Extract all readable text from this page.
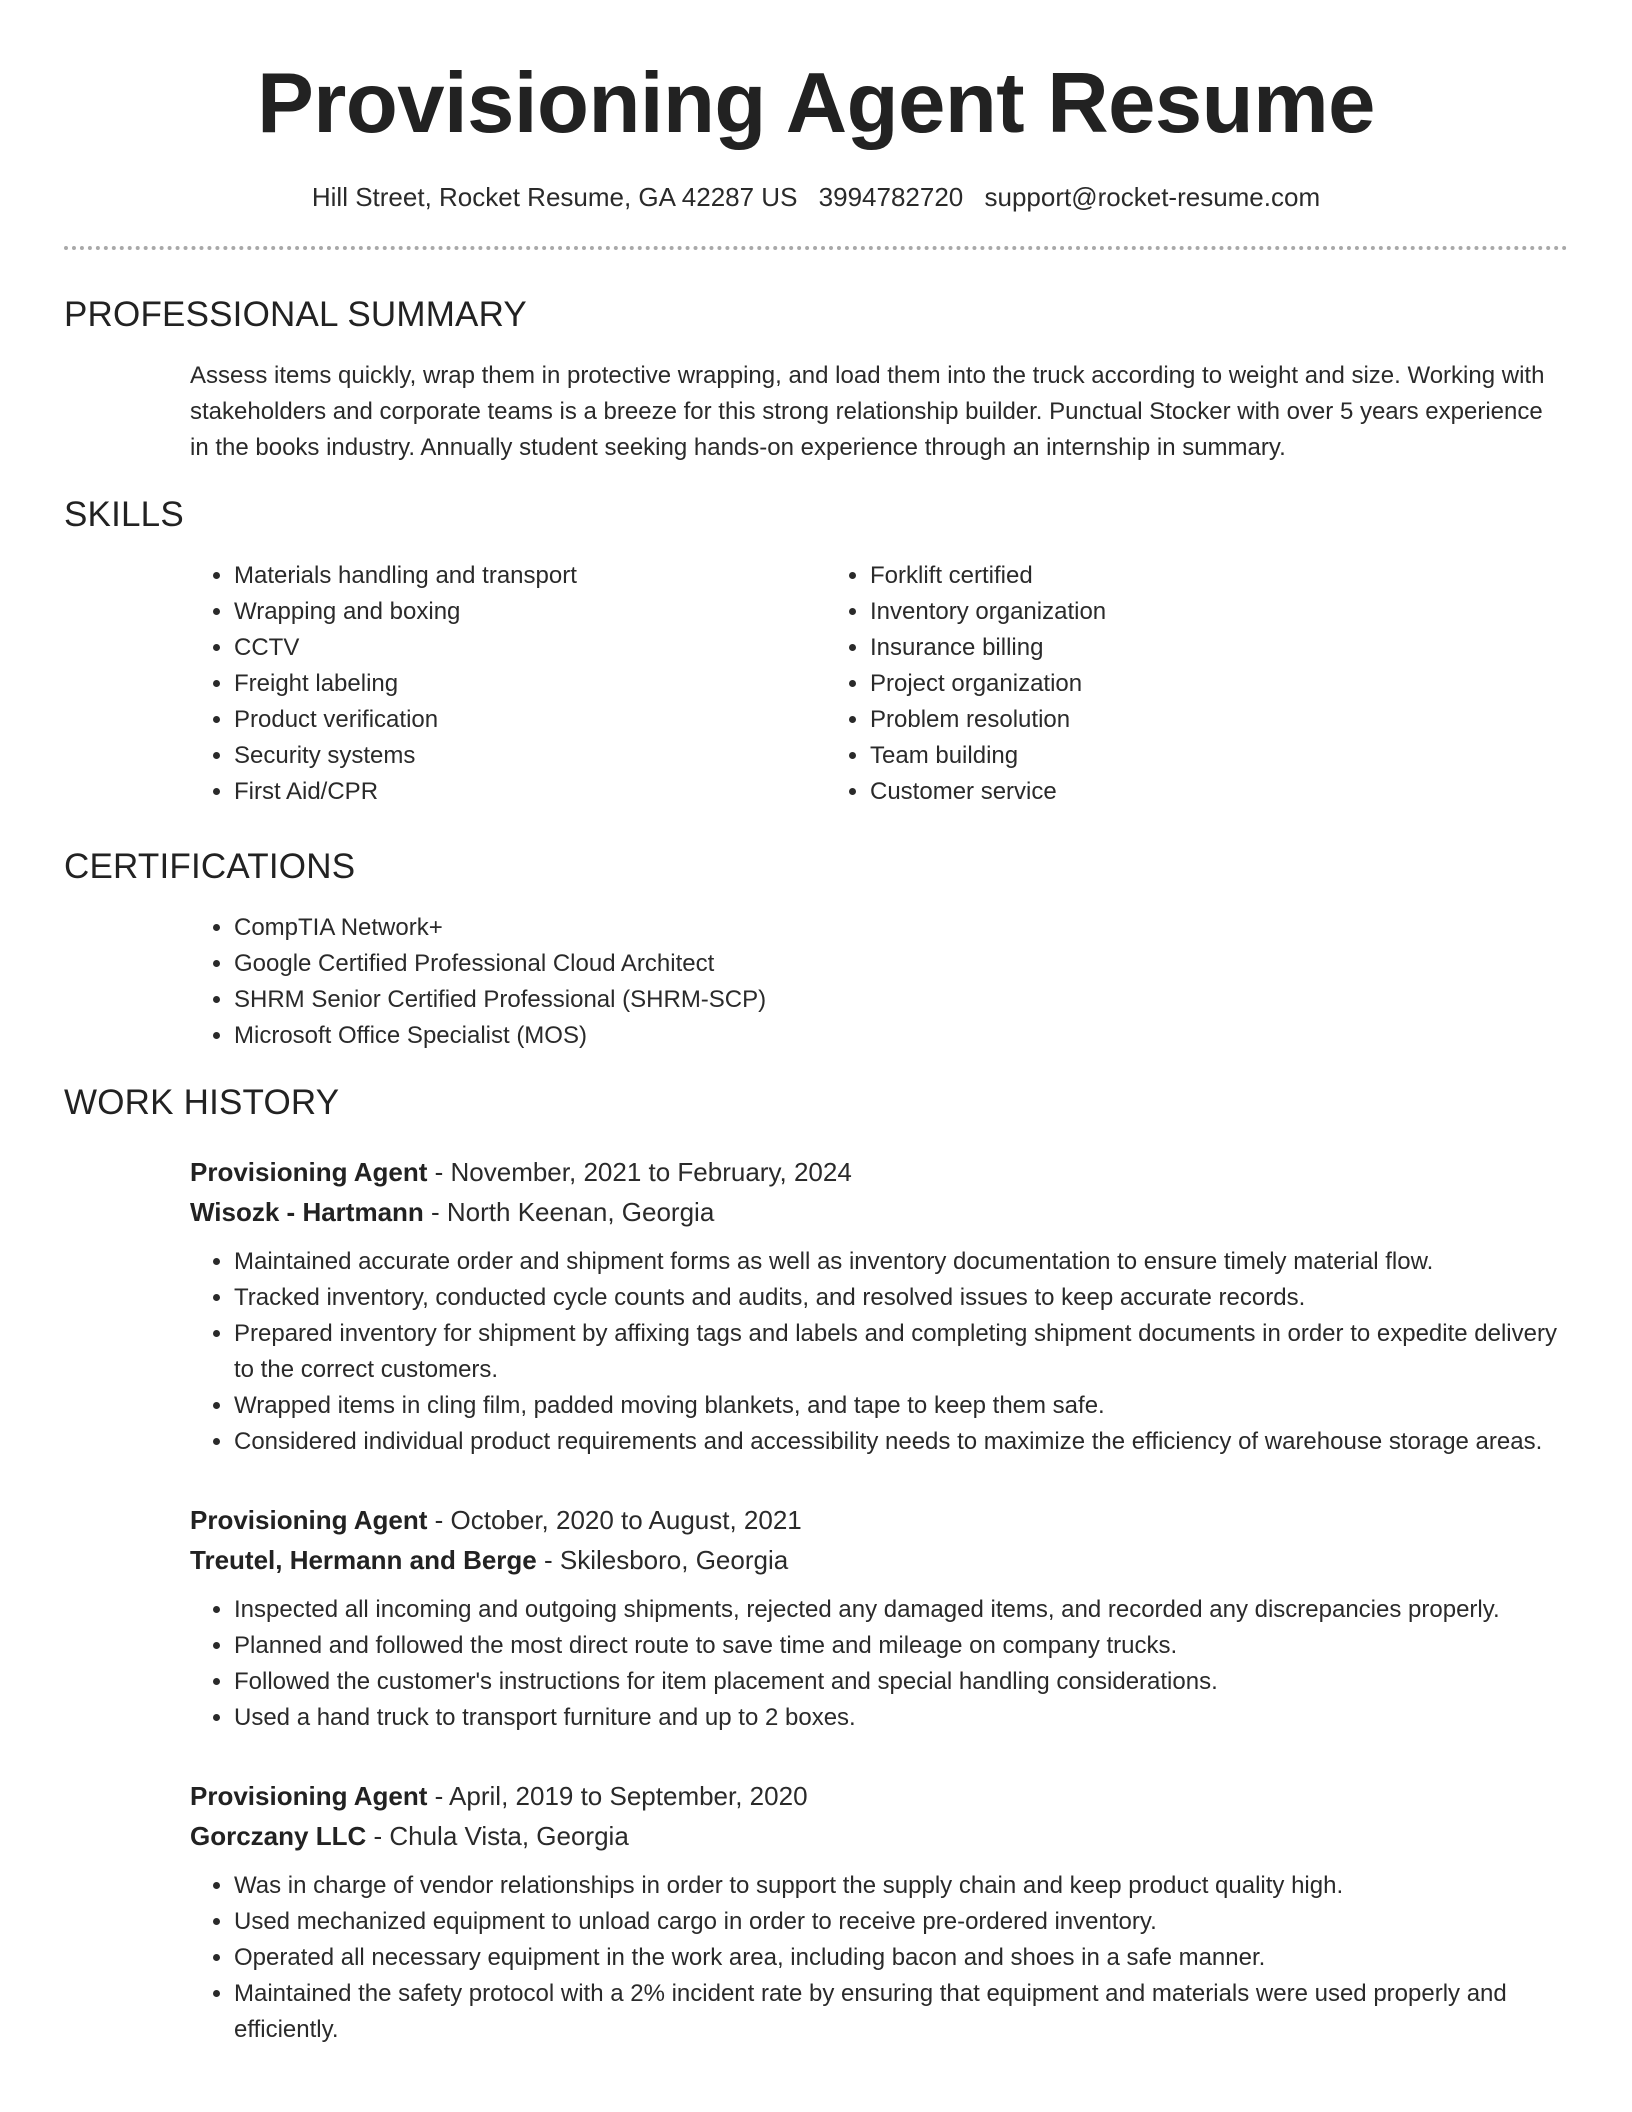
Provisioning Agent Resume
Hill Street, Rocket Resume, GA 42287 US 3994782720 support@rocket-resume.com
PROFESSIONAL SUMMARY

Assess items quickly, wrap them in protective wrapping, and load them into the truck according to weight and size. Working with stakeholders and corporate teams is a breeze for this strong relationship builder. Punctual Stocker with over 5 years experience in the books industry. Annually student seeking hands-on experience through an internship in summary.

SKILLS
• Materials handling and transport
• Wrapping and boxing
• CCTV
• Freight labeling
• Product verification
• Security systems
• First Aid/CPR
• Forklift certified
• Inventory organization
• Insurance billing
• Project organization
• Problem resolution
• Team building
• Customer service
CERTIFICATIONS
• CompTIA Network+
• Google Certified Professional Cloud Architect
• SHRM Senior Certified Professional (SHRM-SCP)
• Microsoft Office Specialist (MOS)
WORK HISTORY
Provisioning Agent - November, 2021 to February, 2024
Wisozk - Hartmann - North Keenan, Georgia
• Maintained accurate order and shipment forms as well as inventory documentation to ensure timely material flow.
• Tracked inventory, conducted cycle counts and audits, and resolved issues to keep accurate records.
• Prepared inventory for shipment by affixing tags and labels and completing shipment documents in order to expedite delivery to the correct customers.
• Wrapped items in cling film, padded moving blankets, and tape to keep them safe.
• Considered individual product requirements and accessibility needs to maximize the efficiency of warehouse storage areas.
Provisioning Agent - October, 2020 to August, 2021
Treutel, Hermann and Berge - Skilesboro, Georgia
• Inspected all incoming and outgoing shipments, rejected any damaged items, and recorded any discrepancies properly.
• Planned and followed the most direct route to save time and mileage on company trucks.
• Followed the customer's instructions for item placement and special handling considerations.
• Used a hand truck to transport furniture and up to 2 boxes.
Provisioning Agent - April, 2019 to September, 2020
Gorczany LLC - Chula Vista, Georgia
• Was in charge of vendor relationships in order to support the supply chain and keep product quality high.
• Used mechanized equipment to unload cargo in order to receive pre-ordered inventory.
• Operated all necessary equipment in the work area, including bacon and shoes in a safe manner.
• Maintained the safety protocol with a 2% incident rate by ensuring that equipment and materials were used properly and efficiently.
